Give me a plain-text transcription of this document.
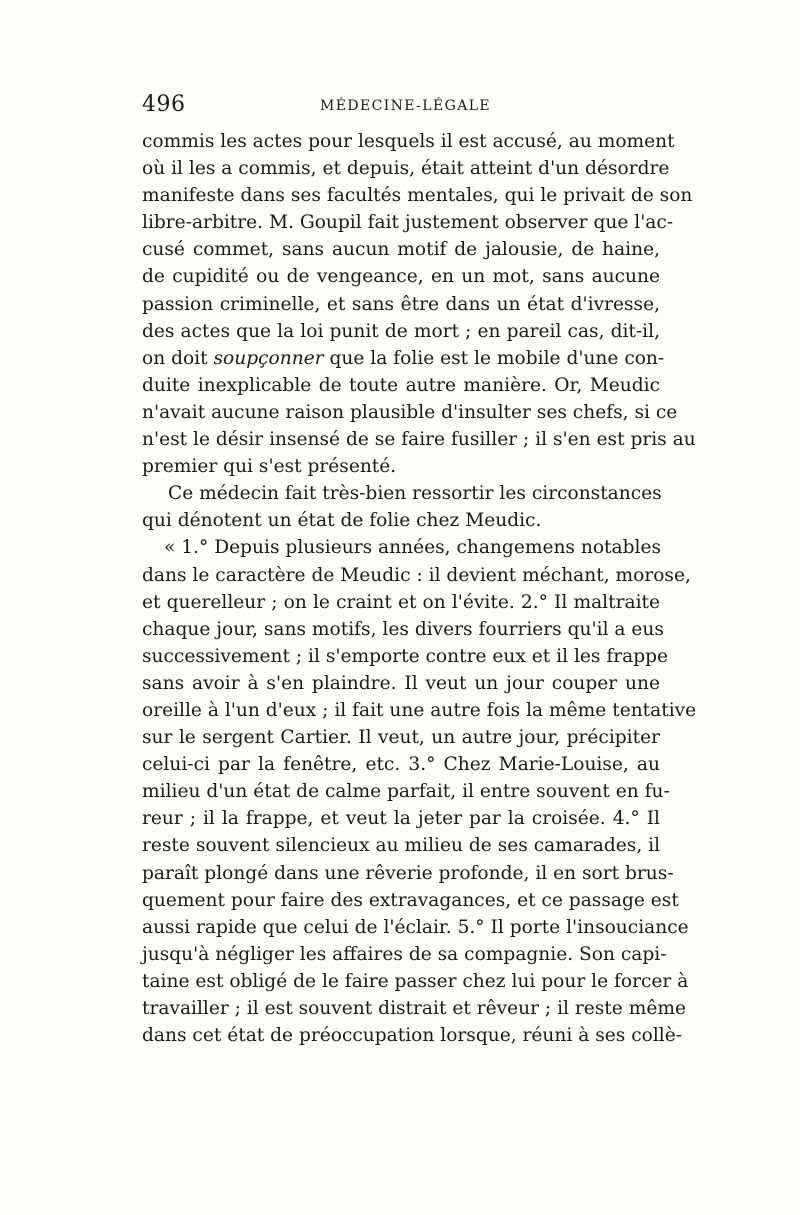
496	MÉDECINE-LÉGALE
commis les actes pour lesquels il est accusé, au moment
où il les a commis, et depuis, était atteint d'un désordre
manifeste dans ses facultés mentales, qui le privait de son
libre-arbitre. M. Goupil fait justement observer que l'ac-
cusé commet, sans aucun motif de jalousie, de haine,
de cupidité ou de vengeance, en un mot, sans aucune
passion criminelle, et sans être dans un état d'ivresse,
des actes que la loi punit de mort ; en pareil cas, dit-il,
on doit soupçonner que la folie est le mobile d'une con-
duite inexplicable de toute autre manière. Or, Meudic
n'avait aucune raison plausible d'insulter ses chefs, si ce
n'est le désir insensé de se faire fusiller ; il s'en est pris au
premier qui s'est présenté.
Ce médecin fait très-bien ressortir les circonstances
qui dénotent un état de folie chez Meudic.
« 1.° Depuis plusieurs années, changemens notables
dans le caractère de Meudic : il devient méchant, morose,
et querelleur ; on le craint et on l'évite. 2.° Il maltraite
chaque jour, sans motifs, les divers fourriers qu'il a eus
successivement ; il s'emporte contre eux et il les frappe
sans avoir à s'en plaindre. Il veut un jour couper une
oreille à l'un d'eux ; il fait une autre fois la même tentative
sur le sergent Cartier. Il veut, un autre jour, précipiter
celui-ci par la fenêtre, etc. 3.° Chez Marie-Louise, au
milieu d'un état de calme parfait, il entre souvent en fu-
reur ; il la frappe, et veut la jeter par la croisée. 4.° Il
reste souvent silencieux au milieu de ses camarades, il
paraît plongé dans une rêverie profonde, il en sort brus-
quement pour faire des extravagances, et ce passage est
aussi rapide que celui de l'éclair. 5.° Il porte l'insouciance
jusqu'à négliger les affaires de sa compagnie. Son capi-
taine est obligé de le faire passer chez lui pour le forcer à
travailler ; il est souvent distrait et rêveur ; il reste même
dans cet état de préoccupation lorsque, réuni à ses collè-
